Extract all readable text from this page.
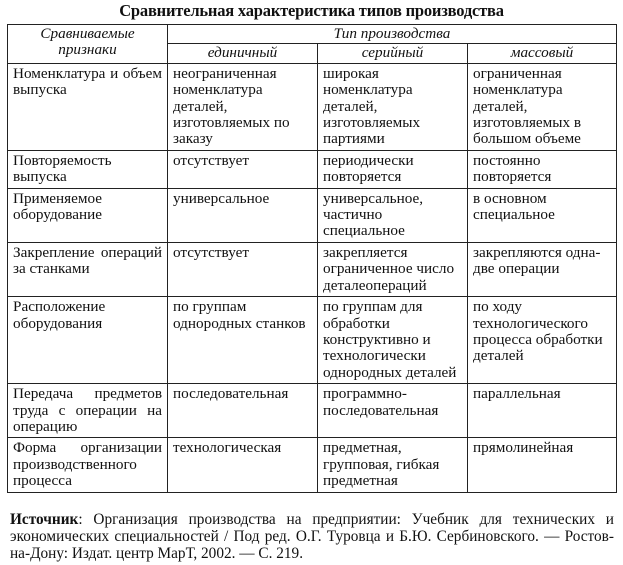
Сравнительная характеристика типов производства
Сравниваемые признаки	Тип производства		
	единичный	серийный	массовый
Номенклатура и объем выпуска	неограниченная номенклатура деталей, изготовляемых по заказу	широкая номенклатура деталей, изготовляемых партиями	ограниченная номенклатура деталей, изготовляемых в большом объеме
Повторяемость выпуска	отсутствует	периодически повторяется	постоянно повторяется
Применяемое оборудование	универсальное	универсальное, частично специальное	в основном специальное
Закрепление операций за станками	отсутствует	закрепляется ограниченное число деталеопераций	закрепляются одна-две операции
Расположение оборудования	по группам однородных станков	по группам для обработки конструктивно и технологически однородных деталей	по ходу технологического процесса обработки деталей
Передача предметов труда с операции на операцию	последовательная	программно-последовательная	параллельная
Форма организации производственного процесса	технологическая	предметная, групповая, гибкая предметная	прямолинейная
Источник: Организация производства на предприятии: Учебник для технических и экономических специальностей / Под ред. О.Г. Туровца и Б.Ю. Сербиновского. — Ростов-на-Дону: Издат. центр МарТ, 2002. — С. 219.
